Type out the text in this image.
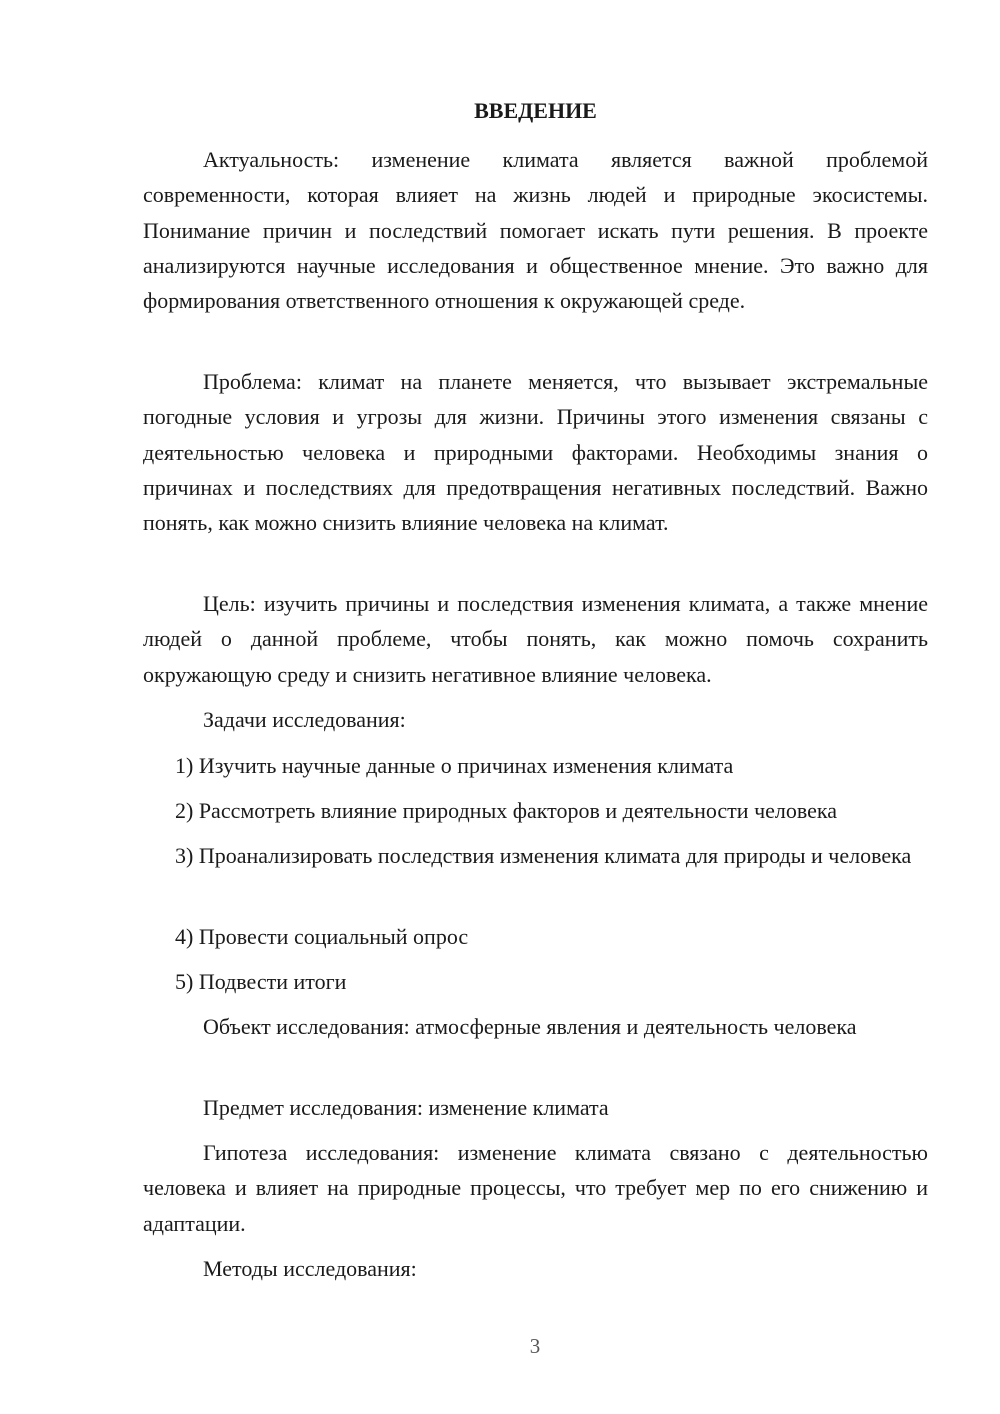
ВВЕДЕНИЕ

Актуальность: изменение климата является важной проблемой современности, которая влияет на жизнь людей и природные экосистемы. Понимание причин и последствий помогает искать пути решения. В проекте анализируются научные исследования и общественное мнение. Это важно для формирования ответственного отношения к окружающей среде.

Проблема: климат на планете меняется, что вызывает экстремальные погодные условия и угрозы для жизни. Причины этого изменения связаны с деятельностью человека и природными факторами. Необходимы знания о причинах и последствиях для предотвращения негативных последствий. Важно понять, как можно снизить влияние человека на климат.

Цель: изучить причины и последствия изменения климата, а также мнение людей о данной проблеме, чтобы понять, как можно помочь сохранить окружающую среду и снизить негативное влияние человека.

Задачи исследования:

1) Изучить научные данные о причинах изменения климата

2) Рассмотреть влияние природных факторов и деятельности человека

3) Проанализировать последствия изменения климата для природы и человека

4) Провести социальный опрос

5) Подвести итоги

Объект исследования: атмосферные явления и деятельность человека

Предмет исследования: изменение климата

Гипотеза исследования: изменение климата связано с деятельностью человека и влияет на природные процессы, что требует мер по его снижению и адаптации.

Методы исследования:

3
